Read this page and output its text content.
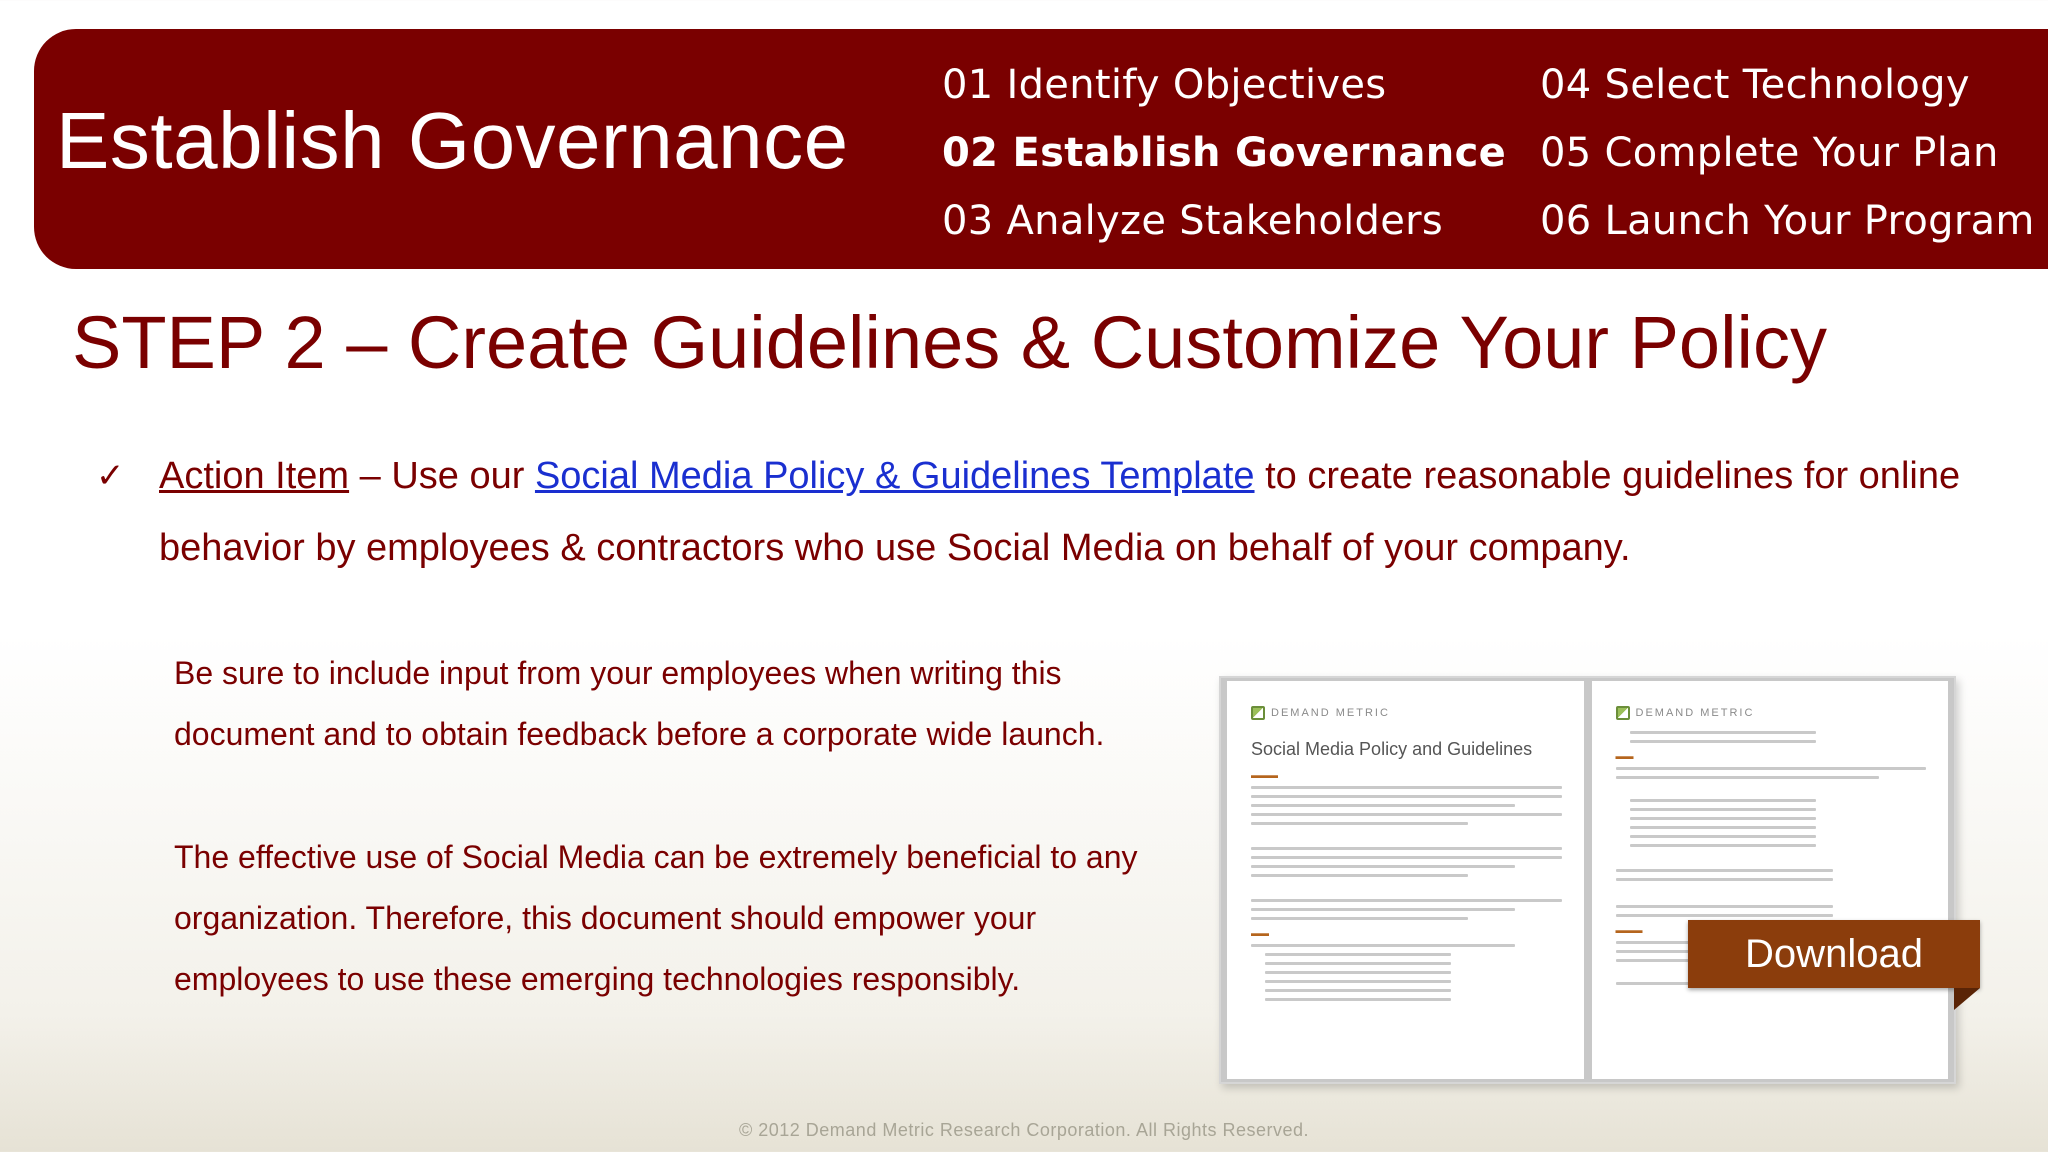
Establish Governance
01 Identify Objectives
02 Establish Governance
03 Analyze Stakeholders
04 Select Technology
05 Complete Your Plan
06 Launch Your Program
STEP 2 – Create Guidelines & Customize Your Policy
✓ Action Item – Use our Social Media Policy & Guidelines Template to create reasonable guidelines for online behavior by employees & contractors who use Social Media on behalf of your company.
Be sure to include input from your employees when writing this document and to obtain feedback before a corporate wide launch.
The effective use of Social Media can be extremely beneficial to any organization. Therefore, this document should empower your employees to use these emerging technologies responsibly.
DEMAND METRIC
Social Media Policy and Guidelines
▬▬▬
▬▬
DEMAND METRIC
▬▬
▬▬▬
Download
© 2012 Demand Metric Research Corporation. All Rights Reserved.
